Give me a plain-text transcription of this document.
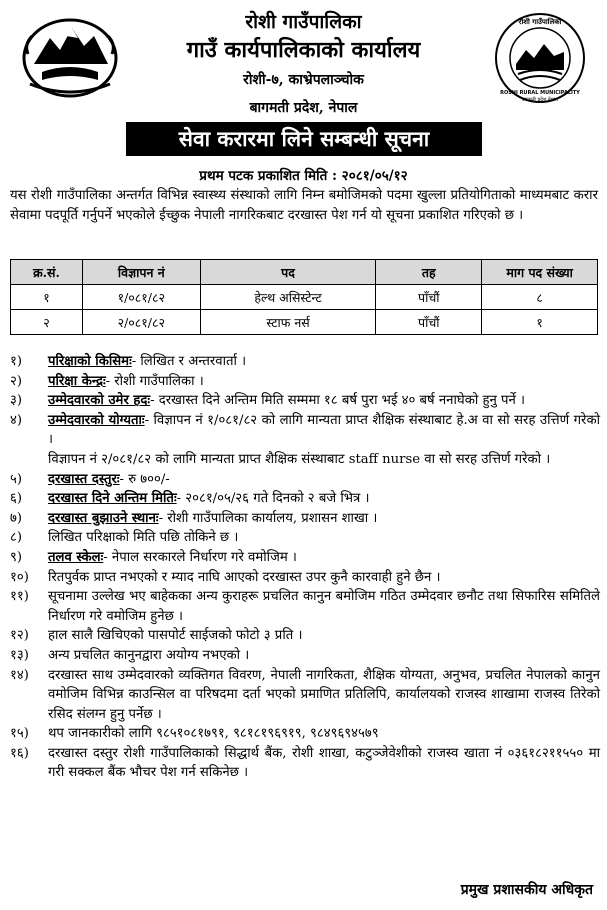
रोशी गाउँपालिका
गाउँ कार्यपालिकाको कार्यालय
रोशी-७, काभ्रेपलाञ्चोक
बागमती प्रदेश, नेपाल
रोशी गाउँपालिका
ROSHI RURAL MUNICIPALITY
बागमती प्रदेश नेपाल
सेवा करारमा लिने सम्बन्धी सूचना
प्रथम पटक प्रकाशित मिति : २०८१/०५/१२
यस रोशी गाउँपालिका अन्तर्गत विभिन्न स्वास्थ्य संस्थाको लागि निम्न बमोजिमको पदमा खुल्ला प्रतियोगिताको माध्यमबाट करार सेवामा पदपूर्ति गर्नुपर्ने भएकोले ईच्छुक नेपाली नागरिकबाट दरखास्त पेश गर्न यो सूचना प्रकाशित गरिएको छ ।
क्र.सं.	विज्ञापन नं	पद	तह	माग पद संख्या
१	१/०८१/८२	हेल्थ असिस्टेन्ट	पाँचौं	८
२	२/०८१/८२	स्टाफ नर्स	पाँचौं	१
१) परिक्षाको किसिमः- लिखित र अन्तरवार्ता ।
२) परिक्षा केन्द्रः- रोशी गाउँपालिका ।
३) उम्मेदवारको उमेर हदः- दरखास्त दिने अन्तिम मिति सम्ममा १८ बर्ष पुरा भई ४० बर्ष ननाघेको हुनु पर्ने ।
४) उम्मेदवारको योग्यताः- विज्ञापन नं १/०८१/८२ को लागि मान्यता प्राप्त शैक्षिक संस्थाबाट हे.अ वा सो सरह उत्तिर्ण गरेको ।
विज्ञापन नं २/०८१/८२ को लागि मान्यता प्राप्त शैक्षिक संस्थाबाट staff nurse वा सो सरह उत्तिर्ण गरेको ।
५) दरखास्त दस्तुरः- रु ७००/-
६) दरखास्त दिने अन्तिम मितिः- २०८१/०५/२६ गते दिनको २ बजे भित्र ।
७) दरखास्त बुझाउने स्थानः- रोशी गाउँपालिका कार्यालय, प्रशासन शाखा ।
८) लिखित परिक्षाको मिति पछि तोकिने छ ।
९) तलव स्केलः- नेपाल सरकारले निर्धारण गरे वमोजिम ।
१०) रितपुर्वक प्राप्त नभएको र म्याद नाघि आएको दरखास्त उपर कुनै कारवाही हुने छैन ।
११) सूचनामा उल्लेख भए बाहेकका अन्य कुराहरू प्रचलित कानुन बमोजिम गठित उम्मेदवार छनौट तथा सिफारिस समितिले निर्धारण गरे वमोजिम हुनेछ ।
१२) हाल सालै खिचिएको पासपोर्ट साईजको फोटो ३ प्रति ।
१३) अन्य प्रचलित कानुनद्वारा अयोग्य नभएको ।
१४) दरखास्त साथ उम्मेदवारको व्यक्तिगत विवरण, नेपाली नागरिकता, शैक्षिक योग्यता, अनुभव, प्रचलित नेपालको कानुन वमोजिम विभिन्न काउन्सिल वा परिषदमा दर्ता भएको प्रमाणित प्रतिलिपि, कार्यालयको राजस्व शाखामा राजस्व तिरेको रसिद संलग्न हुनु पर्नेछ ।
१५) थप जानकारीको लागि ९८५१०८१७९१, ९८१८१९६९१९, ९८४९६९४५७९
१६) दरखास्त दस्तुर रोशी गाउँपालिकाको सिद्धार्थ बैंक, रोशी शाखा, कटुञ्जेवेशीको राजस्व खाता नं ०३६१८२११५५० मा गरी सक्कल बैंक भौचर पेश गर्न सकिनेछ ।
प्रमुख प्रशासकीय अधिकृत
